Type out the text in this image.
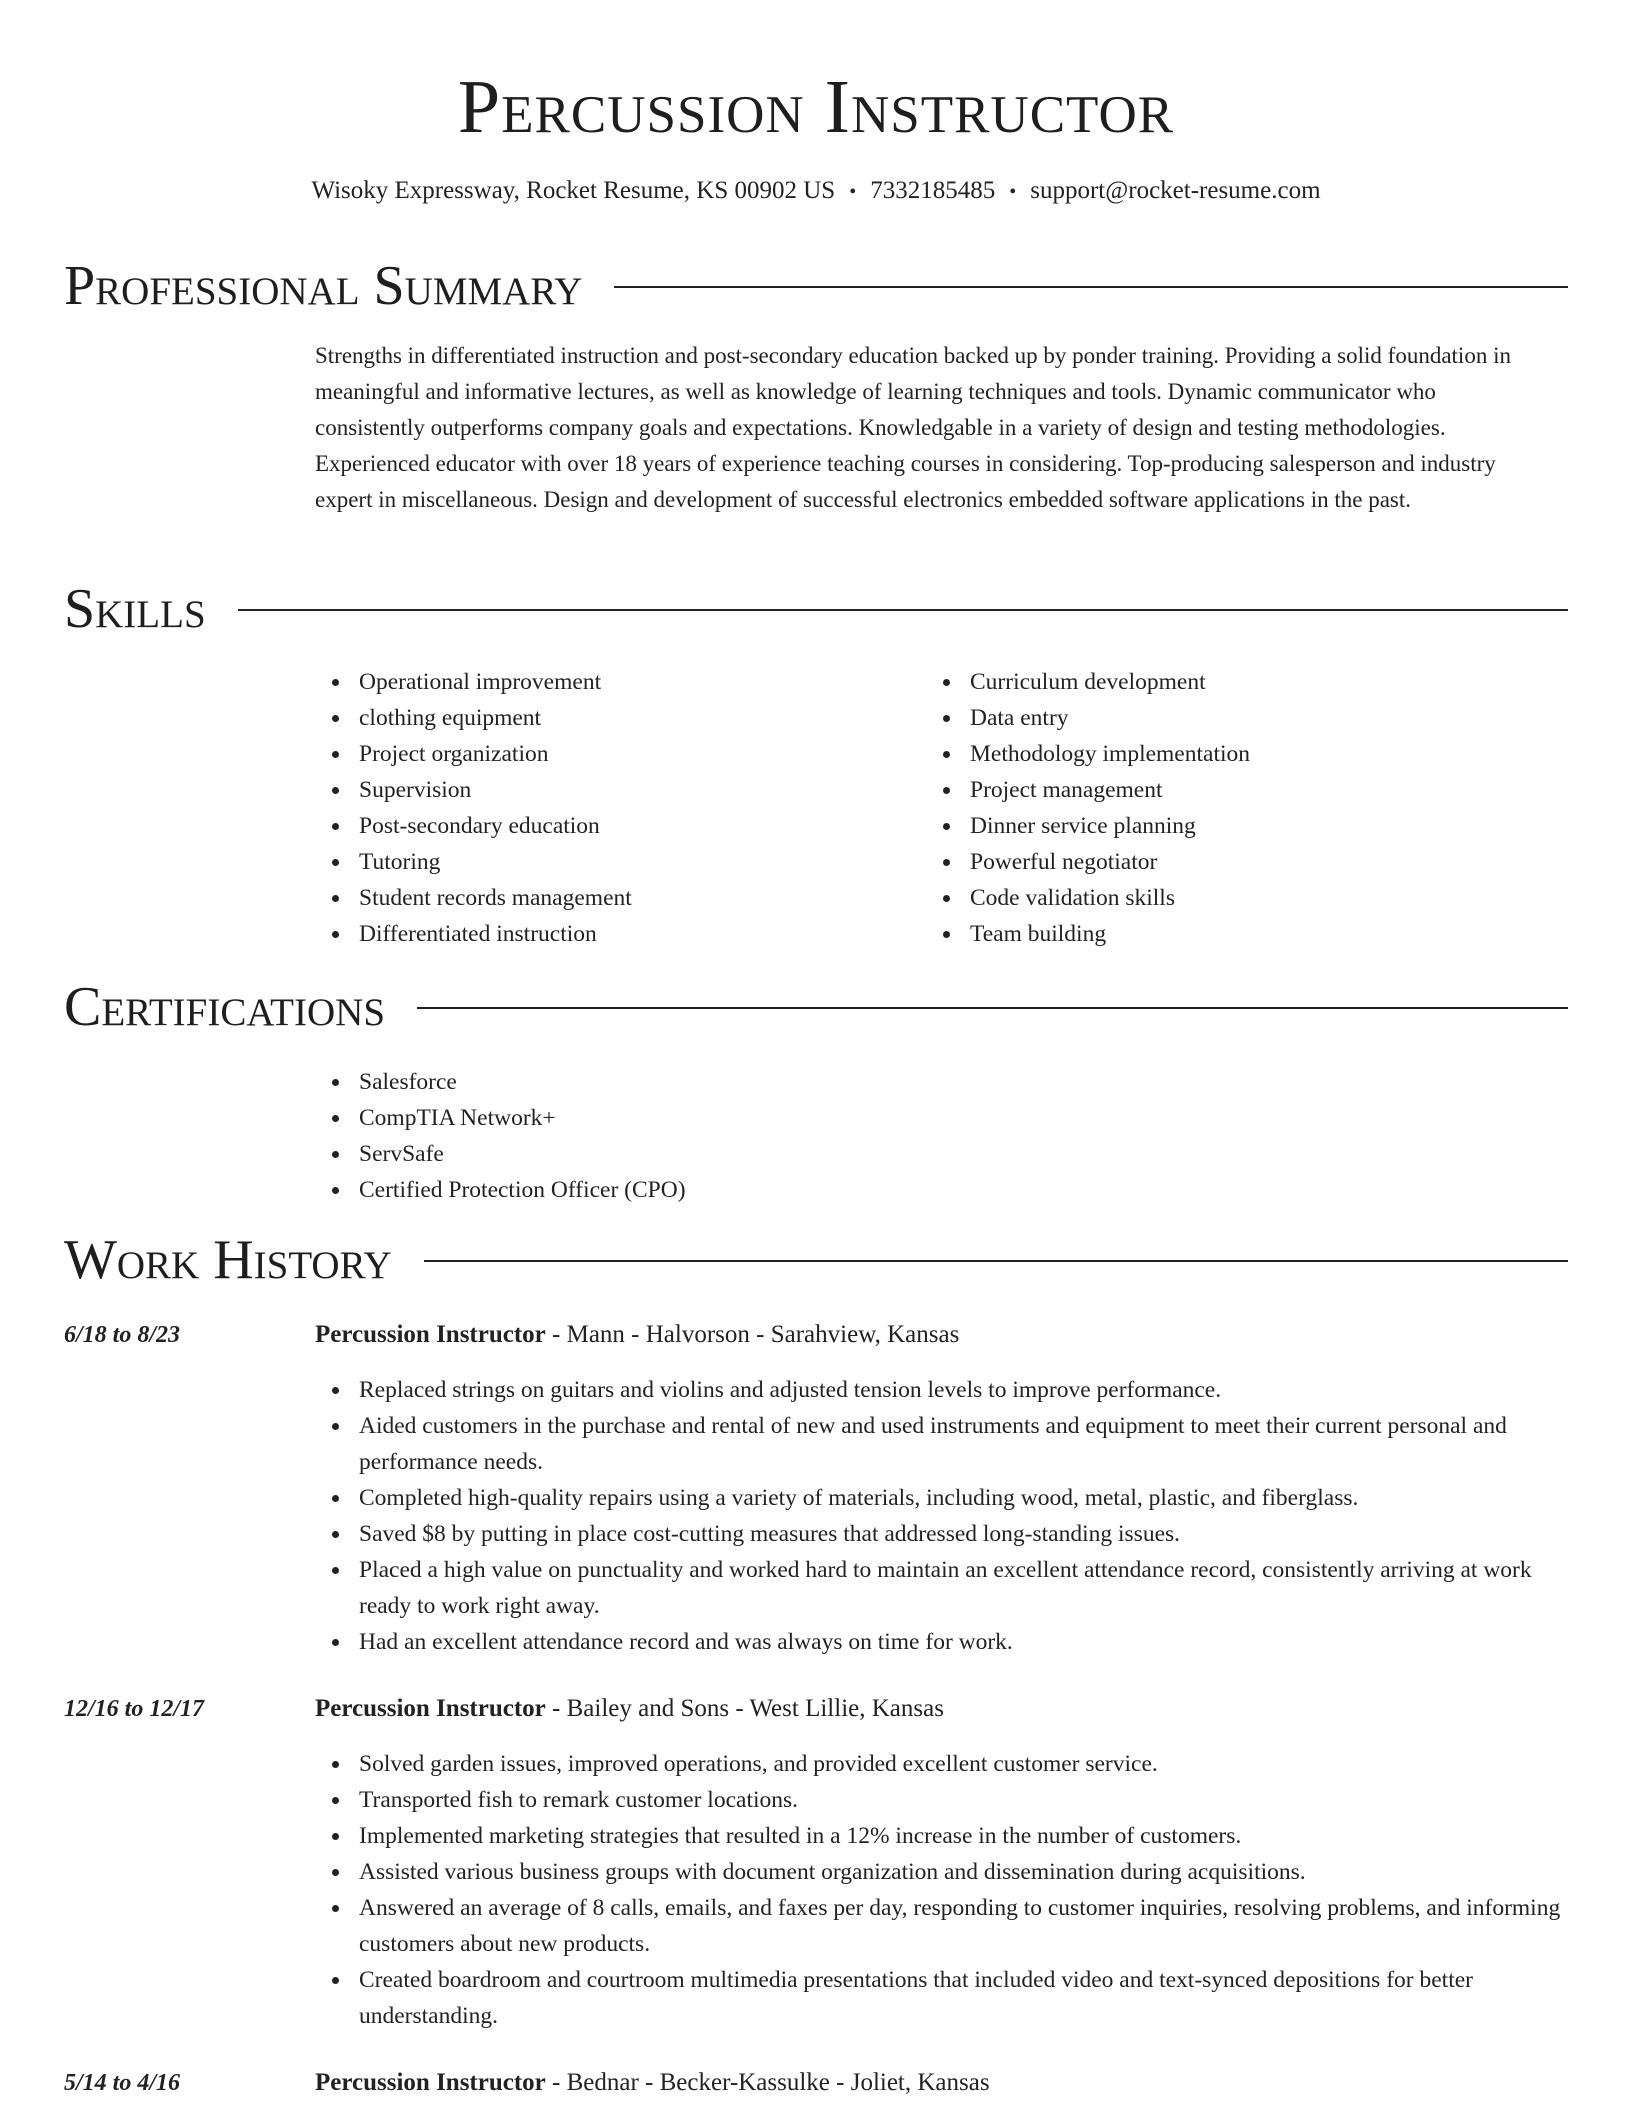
Percussion Instructor
Wisoky Expressway, Rocket Resume, KS 00902 US • 7332185485 • support@rocket-resume.com
Professional Summary

Strengths in differentiated instruction and post-secondary education backed up by ponder training. Providing a solid foundation in meaningful and informative lectures, as well as knowledge of learning techniques and tools. Dynamic communicator who consistently outperforms company goals and expectations. Knowledgable in a variety of design and testing methodologies. Experienced educator with over 18 years of experience teaching courses in considering. Top-producing salesperson and industry expert in miscellaneous. Design and development of successful electronics embedded software applications in the past.

Skills
Operational improvement
clothing equipment
Project organization
Supervision
Post-secondary education
Tutoring
Student records management
Differentiated instruction
Curriculum development
Data entry
Methodology implementation
Project management
Dinner service planning
Powerful negotiator
Code validation skills
Team building
Certifications
Salesforce
CompTIA Network+
ServSafe
Certified Protection Officer (CPO)
Work History
6/18 to 8/23	Percussion Instructor - Mann - Halvorson - Sarahview, Kansas
Replaced strings on guitars and violins and adjusted tension levels to improve performance.
Aided customers in the purchase and rental of new and used instruments and equipment to meet their current personal and performance needs.
Completed high-quality repairs using a variety of materials, including wood, metal, plastic, and fiberglass.
Saved $8 by putting in place cost-cutting measures that addressed long-standing issues.
Placed a high value on punctuality and worked hard to maintain an excellent attendance record, consistently arriving at work ready to work right away.
Had an excellent attendance record and was always on time for work.
12/16 to 12/17	Percussion Instructor - Bailey and Sons - West Lillie, Kansas
Solved garden issues, improved operations, and provided excellent customer service.
Transported fish to remark customer locations.
Implemented marketing strategies that resulted in a 12% increase in the number of customers.
Assisted various business groups with document organization and dissemination during acquisitions.
Answered an average of 8 calls, emails, and faxes per day, responding to customer inquiries, resolving problems, and informing customers about new products.
Created boardroom and courtroom multimedia presentations that included video and text-synced depositions for better understanding.
5/14 to 4/16	Percussion Instructor - Bednar - Becker-Kassulke - Joliet, Kansas
